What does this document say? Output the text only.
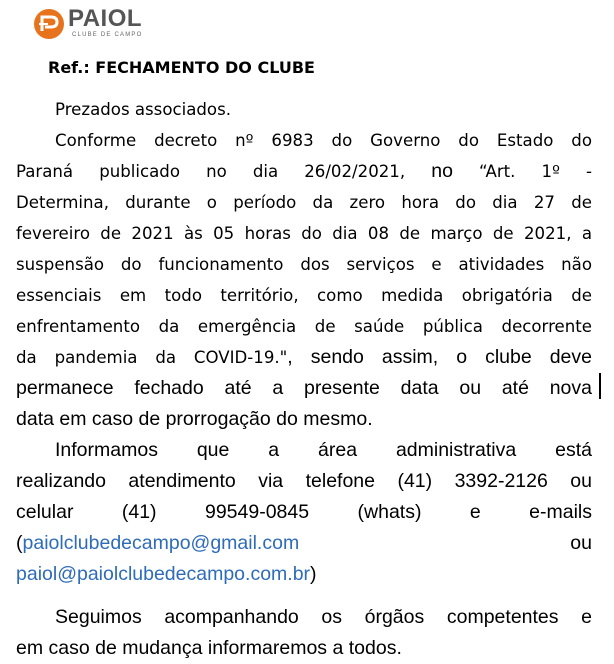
PAIOL
CLUBE DE CAMPO
Ref.: FECHAMENTO DO CLUBE
Prezados associados.
Conforme decreto nº 6983 do Governo do Estado do
Paraná publicado no dia 26/02/2021, no “Art. 1º -
Determina, durante o período da zero hora do dia 27 de
fevereiro de 2021 às 05 horas do dia 08 de março de 2021, a
suspensão do funcionamento dos serviços e atividades não
essenciais em todo território, como medida obrigatória de
enfrentamento da emergência de saúde pública decorrente
da pandemia da COVID-19.", sendo assim, o clube deve
permanece fechado até a presente data ou até nova
data em caso de prorrogação do mesmo.
Informamos que a área administrativa está
realizando atendimento via telefone (41) 3392-2126 ou
celular (41) 99549-0845 (whats) e e-mails
(paiolclubedecampo@gmail.com	ou
paiol@paiolclubedecampo.com.br)
Seguimos acompanhando os órgãos competentes e
em caso de mudança informaremos a todos.
